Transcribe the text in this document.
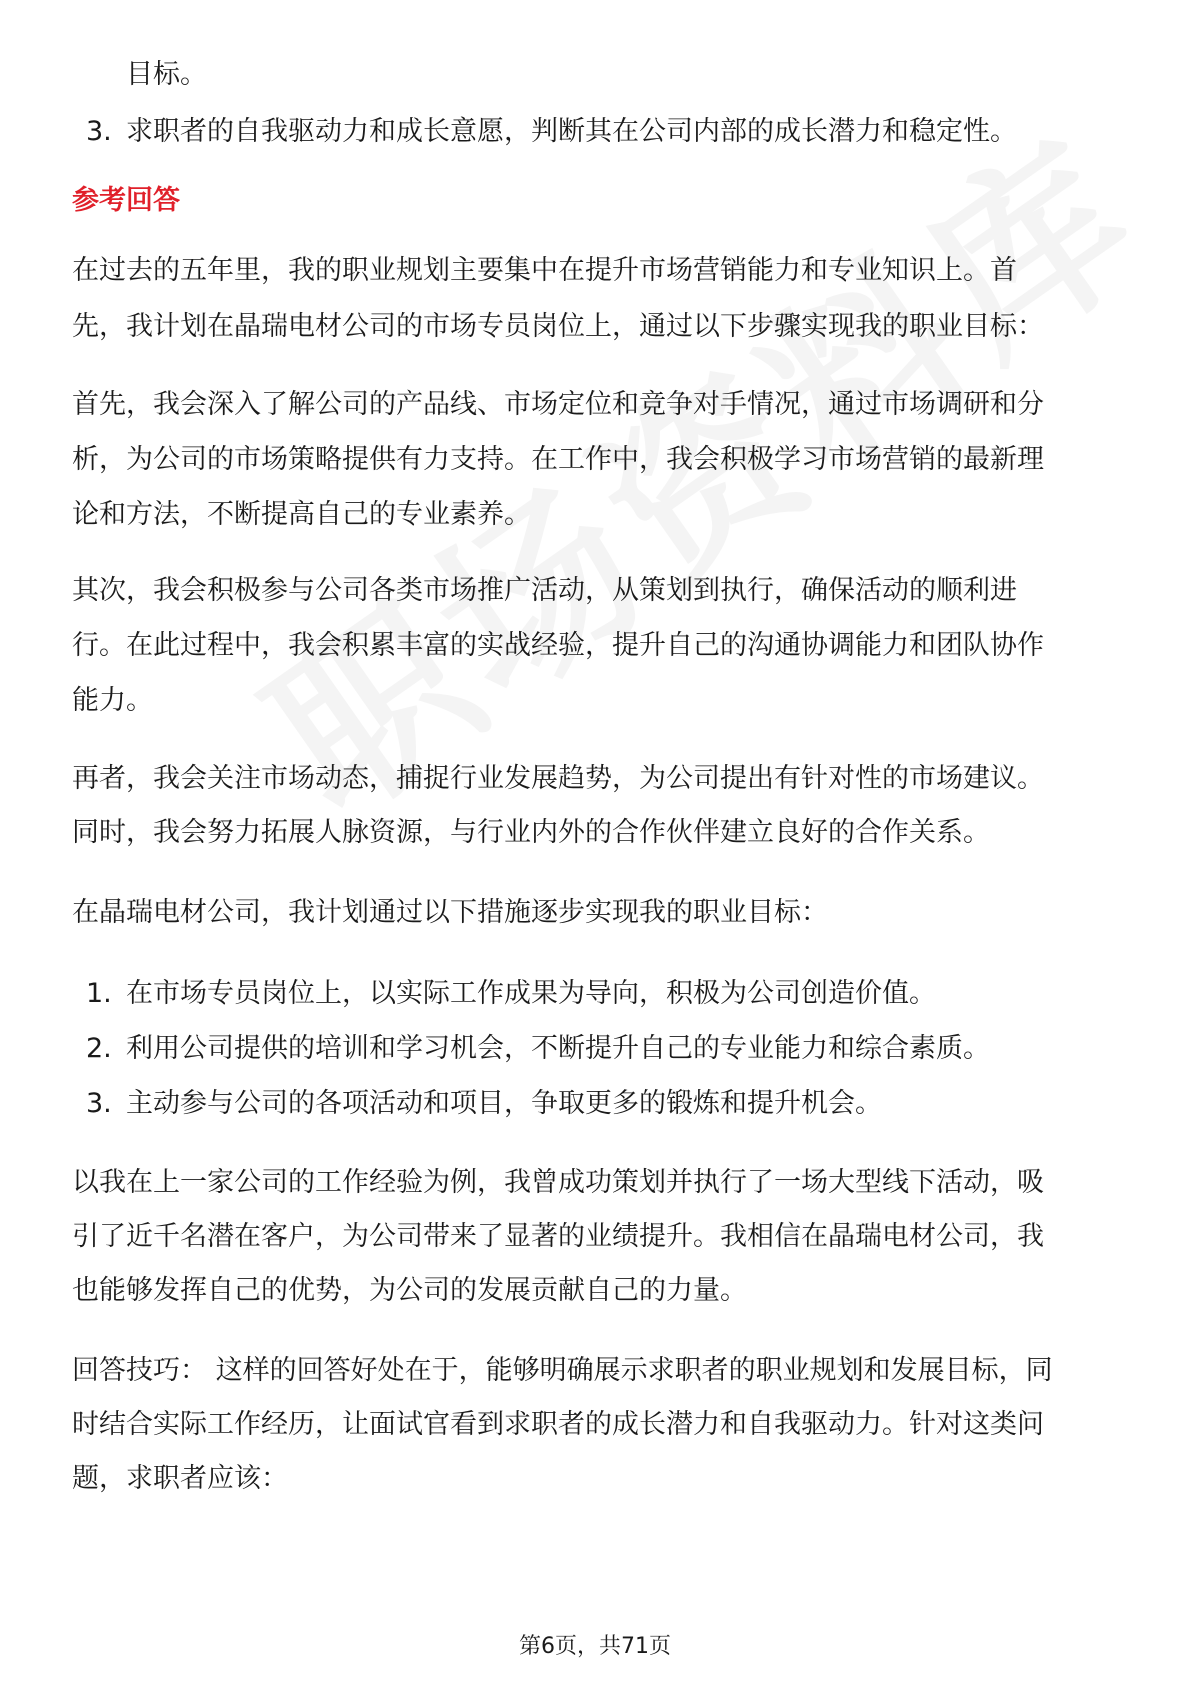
目标。
3. 求职者的自我驱动力和成长意愿，判断其在公司内部的成长潜力和稳定性。
参考回答
在过去的五年里，我的职业规划主要集中在提升市场营销能力和专业知识上。首
先，我计划在晶瑞电材公司的市场专员岗位上，通过以下步骤实现我的职业目标：
首先，我会深入了解公司的产品线、市场定位和竞争对手情况，通过市场调研和分
析，为公司的市场策略提供有力支持。在工作中，我会积极学习市场营销的最新理
论和方法，不断提高自己的专业素养。
其次，我会积极参与公司各类市场推广活动，从策划到执行，确保活动的顺利进
行。在此过程中，我会积累丰富的实战经验，提升自己的沟通协调能力和团队协作
能力。
再者，我会关注市场动态，捕捉行业发展趋势，为公司提出有针对性的市场建议。
同时，我会努力拓展人脉资源，与行业内外的合作伙伴建立良好的合作关系。
在晶瑞电材公司，我计划通过以下措施逐步实现我的职业目标：
1. 在市场专员岗位上，以实际工作成果为导向，积极为公司创造价值。
2. 利用公司提供的培训和学习机会，不断提升自己的专业能力和综合素质。
3. 主动参与公司的各项活动和项目，争取更多的锻炼和提升机会。
以我在上一家公司的工作经验为例，我曾成功策划并执行了一场大型线下活动，吸
引了近千名潜在客户，为公司带来了显著的业绩提升。我相信在晶瑞电材公司，我
也能够发挥自己的优势，为公司的发展贡献自己的力量。
回答技巧： 这样的回答好处在于，能够明确展示求职者的职业规划和发展目标，同
时结合实际工作经历，让面试官看到求职者的成长潜力和自我驱动力。针对这类问
题，求职者应该：
第6页，共71页
